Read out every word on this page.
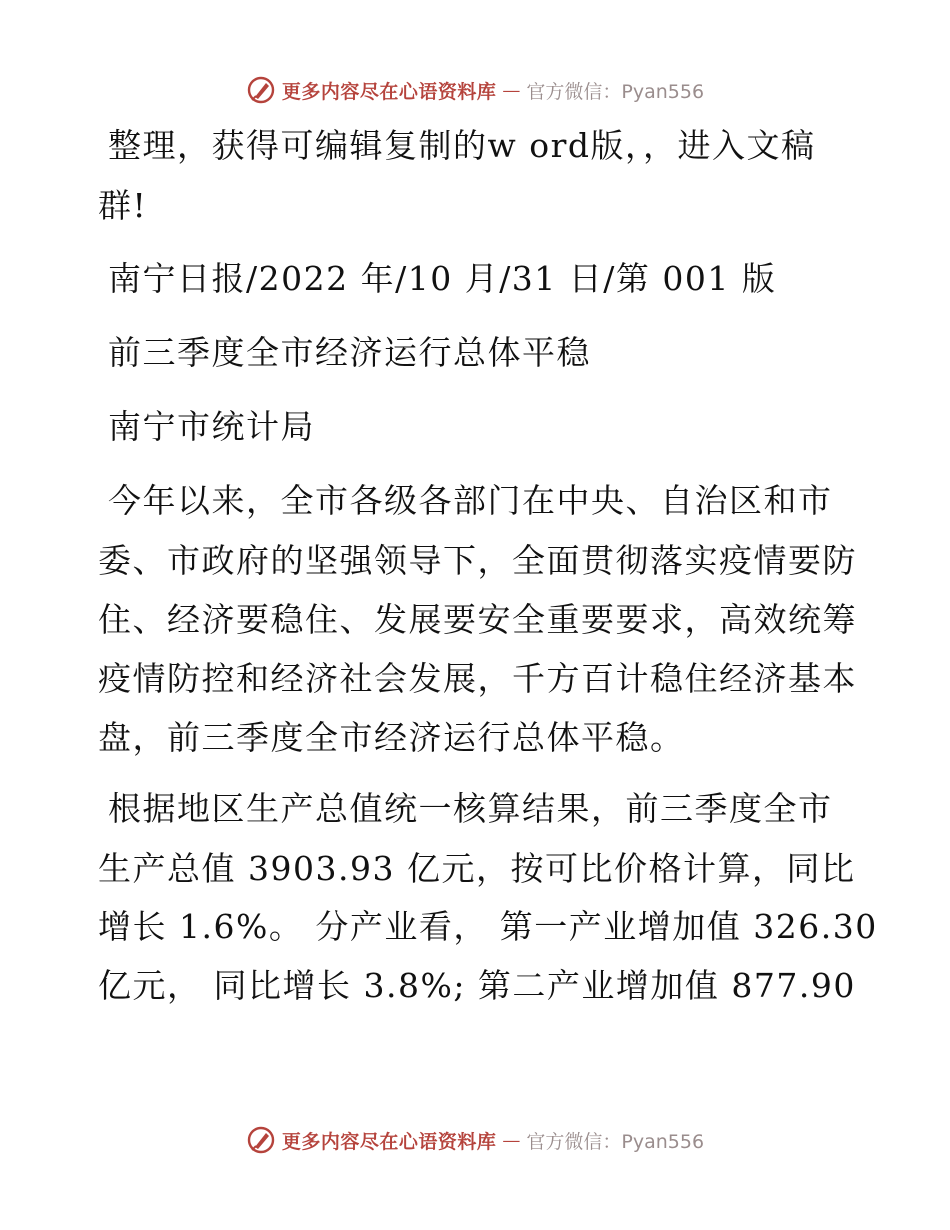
更多内容尽在心语资料库 — 官方微信：Pyan556
整理，获得可编辑复制的w ord版，，进入文稿
群!
南宁日报/2022 年/10 月/31 日/第 001 版
前三季度全市经济运行总体平稳
南宁市统计局
今年以来，全市各级各部门在中央、自治区和市
委、市政府的坚强领导下，全面贯彻落实疫情要防
住、经济要稳住、发展要安全重要要求，高效统筹
疫情防控和经济社会发展，千方百计稳住经济基本
盘，前三季度全市经济运行总体平稳。
根据地区生产总值统一核算结果，前三季度全市
生产总值 3903.93 亿元，按可比价格计算，同比
增长 1.6%。 分产业看， 第一产业增加值 326.30
亿元， 同比增长 3.8%; 第二产业增加值 877.90
更多内容尽在心语资料库 — 官方微信：Pyan556
